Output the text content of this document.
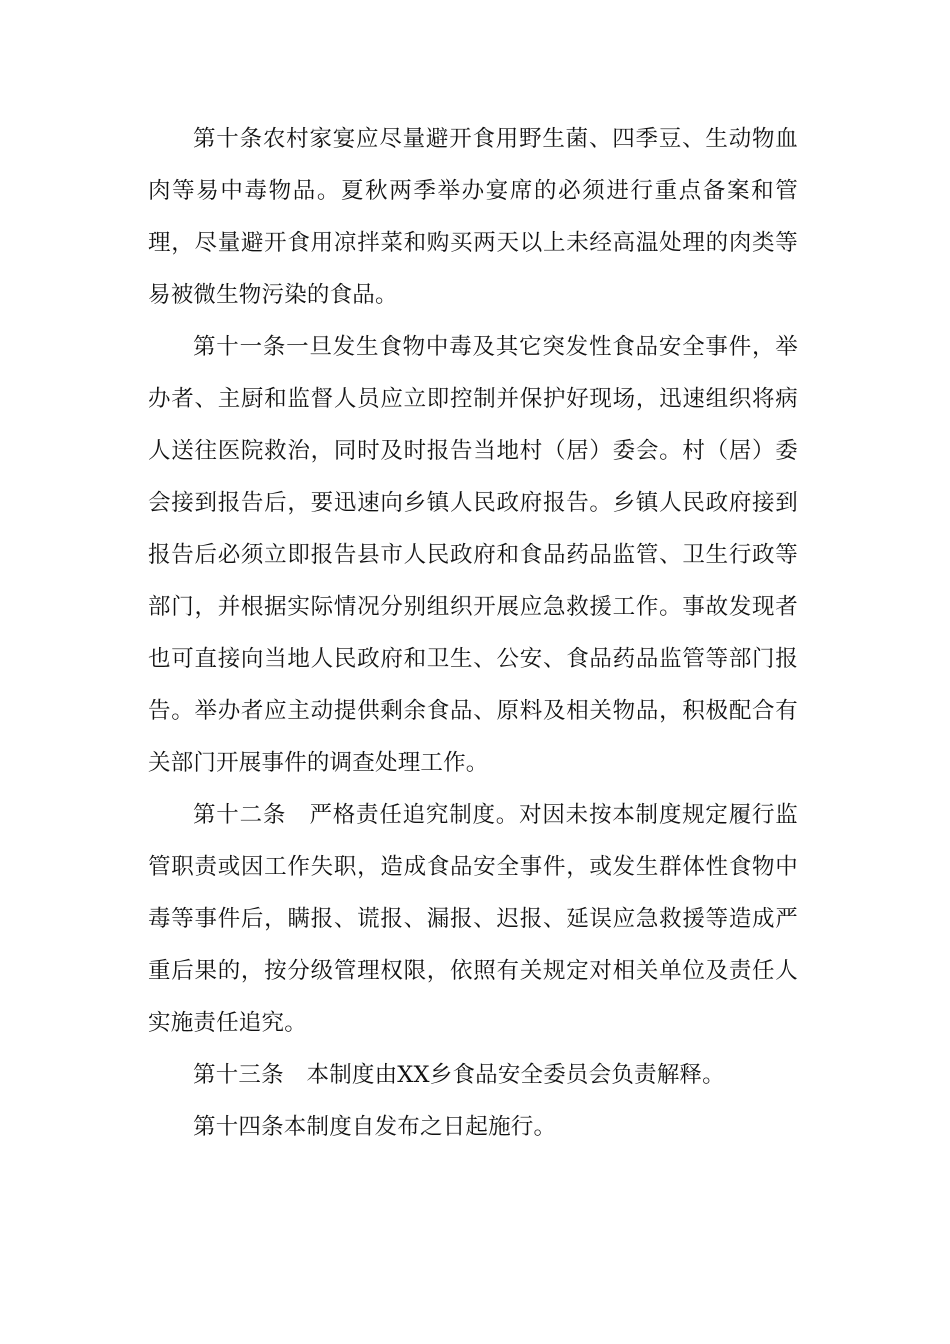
第十条农村家宴应尽量避开食用野生菌、四季豆、生动物血肉等易中毒物品。夏秋两季举办宴席的必须进行重点备案和管理，尽量避开食用凉拌菜和购买两天以上未经高温处理的肉类等易被微生物污染的食品。

第十一条一旦发生食物中毒及其它突发性食品安全事件，举办者、主厨和监督人员应立即控制并保护好现场，迅速组织将病人送往医院救治，同时及时报告当地村（居）委会。村（居）委会接到报告后，要迅速向乡镇人民政府报告。乡镇人民政府接到报告后必须立即报告县市人民政府和食品药品监管、卫生行政等部门，并根据实际情况分别组织开展应急救援工作。事故发现者也可直接向当地人民政府和卫生、公安、食品药品监管等部门报告。举办者应主动提供剩余食品、原料及相关物品，积极配合有关部门开展事件的调查处理工作。

第十二条　严格责任追究制度。对因未按本制度规定履行监管职责或因工作失职，造成食品安全事件，或发生群体性食物中毒等事件后，瞒报、谎报、漏报、迟报、延误应急救援等造成严重后果的，按分级管理权限，依照有关规定对相关单位及责任人实施责任追究。

第十三条　本制度由XX乡食品安全委员会负责解释。

第十四条本制度自发布之日起施行。
